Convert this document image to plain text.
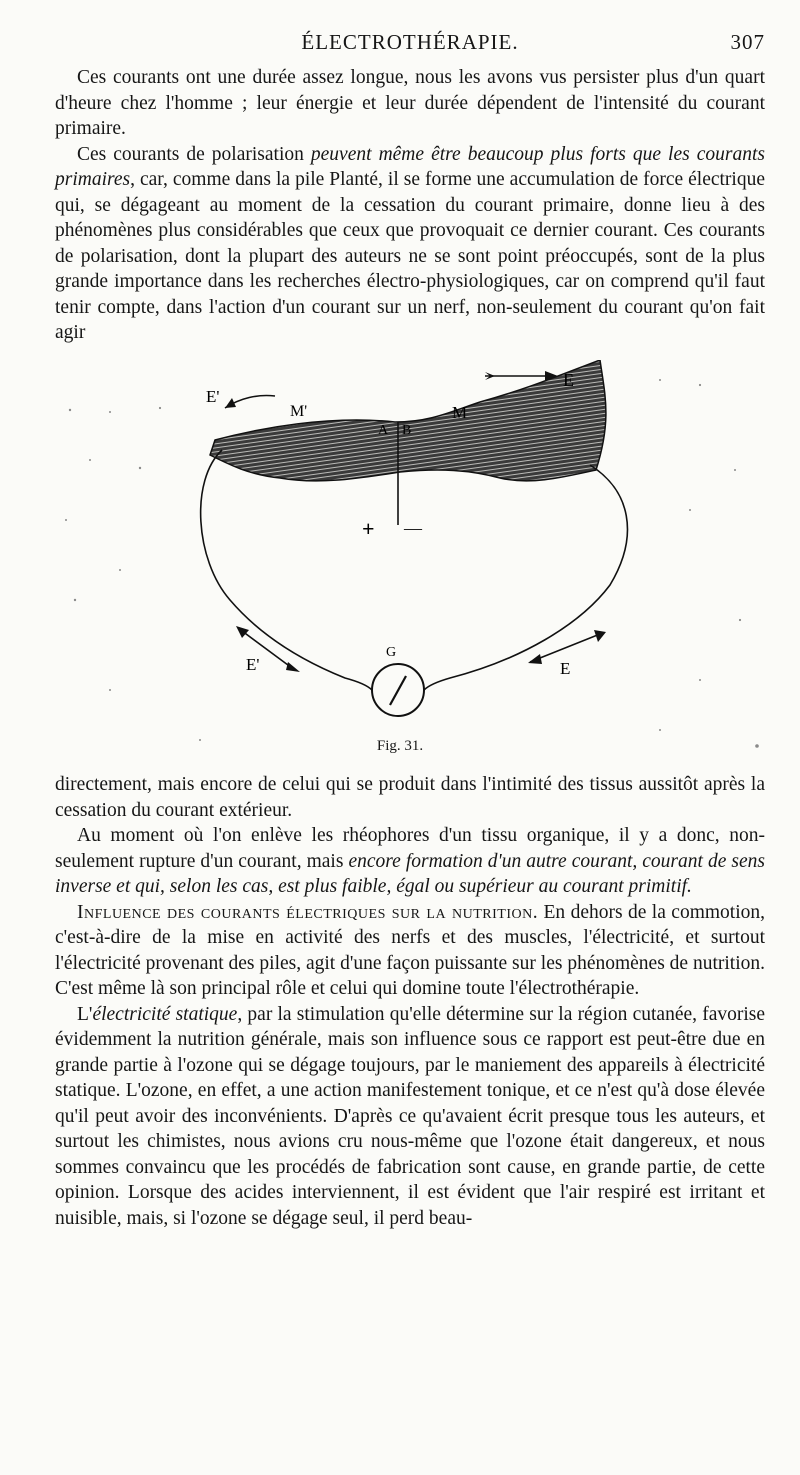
ÉLECTROTHÉRAPIE.	307

Ces courants ont une durée assez longue, nous les avons vus persister plus d'un quart d'heure chez l'homme ; leur énergie et leur durée dépendent de l'intensité du courant primaire.

Ces courants de polarisation peuvent même être beaucoup plus forts que les courants primaires, car, comme dans la pile Planté, il se forme une accumulation de force électrique qui, se dégageant au moment de la cessation du courant primaire, donne lieu à des phénomènes plus considérables que ceux que provoquait ce dernier courant. Ces courants de polarisation, dont la plupart des auteurs ne se sont point préoccupés, sont de la plus grande importance dans les recherches électro-physiologiques, car on comprend qu'il faut tenir compte, dans l'action d'un courant sur un nerf, non-seulement du courant qu'on fait agir

E'
E
M'	M
A B
+ —
G
E'	E
Fig. 31.

directement, mais encore de celui qui se produit dans l'intimité des tissus aussitôt après la cessation du courant extérieur.

Au moment où l'on enlève les rhéophores d'un tissu organique, il y a donc, non-seulement rupture d'un courant, mais encore formation d'un autre courant, courant de sens inverse et qui, selon les cas, est plus faible, égal ou supérieur au courant primitif.

Influence des courants électriques sur la nutrition. En dehors de la commotion, c'est-à-dire de la mise en activité des nerfs et des muscles, l'électricité, et surtout l'électricité provenant des piles, agit d'une façon puissante sur les phénomènes de nutrition. C'est même là son principal rôle et celui qui domine toute l'électrothérapie.

L'électricité statique, par la stimulation qu'elle détermine sur la région cutanée, favorise évidemment la nutrition générale, mais son influence sous ce rapport est peut-être due en grande partie à l'ozone qui se dégage toujours, par le maniement des appareils à électricité statique. L'ozone, en effet, a une action manifestement tonique, et ce n'est qu'à dose élevée qu'il peut avoir des inconvénients. D'après ce qu'avaient écrit presque tous les auteurs, et surtout les chimistes, nous avions cru nous-même que l'ozone était dangereux, et nous sommes convaincu que les procédés de fabrication sont cause, en grande partie, de cette opinion. Lorsque des acides interviennent, il est évident que l'air respiré est irritant et nuisible, mais, si l'ozone se dégage seul, il perd beau-
